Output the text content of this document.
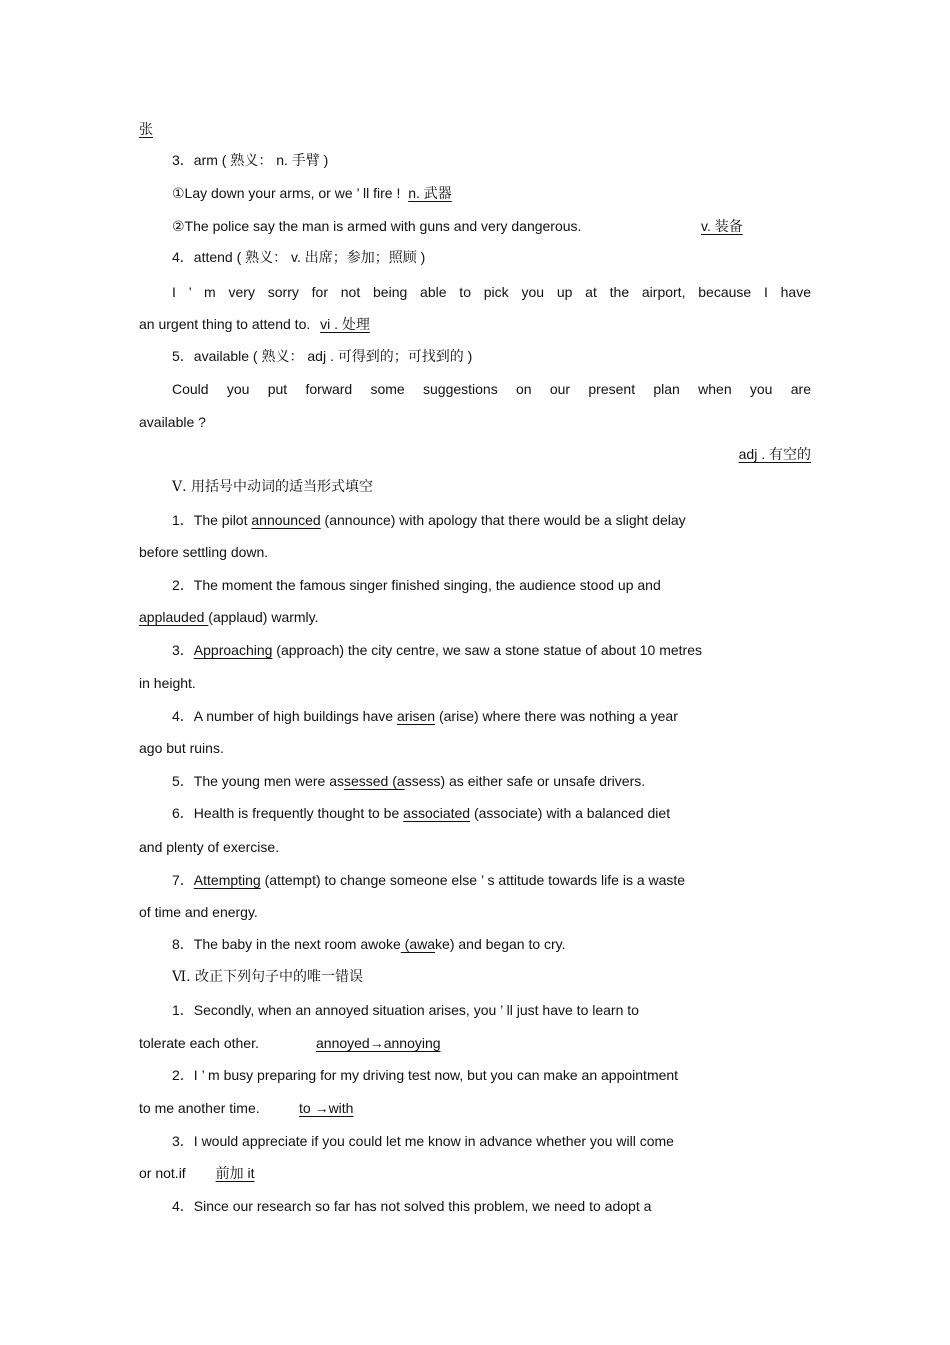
张
3．arm ( 熟义： n. 手臂 )
①Lay down your arms, or we ’ ll fire ! n. 武器
②The police say the man is armed with guns and very dangerous.	v. 装备
4．attend ( 熟义： v. 出席；参加；照顾 )
I ’ m very sorry for not being able to pick you up at the airport, because I have
an urgent thing to attend to. vi . 处理
5．available ( 熟义： adj . 可得到的；可找到的 )
Could you put forward some suggestions on our present plan when you are
available ?
adj . 有空的
Ⅴ. 用括号中动词的适当形式填空
1．The pilot announced (announce) with apology that there would be a slight delay
before settling down.
2．The moment the famous singer finished singing, the audience stood up and
applauded (applaud) warmly.
3．Approaching (approach) the city centre, we saw a stone statue of about 10 metres
in height.
4．A number of high buildings have arisen (arise) where there was nothing a year
ago but ruins.
5．The young men were assessed (assess) as either safe or unsafe drivers.
6．Health is frequently thought to be associated (associate) with a balanced diet
and plenty of exercise.
7．Attempting (attempt) to change someone else ’ s attitude towards life is a waste
of time and energy.
8．The baby in the next room awoke (awake) and began to cry.
Ⅵ. 改正下列句子中的唯一错误
1．Secondly, when an annoyed situation arises, you ’ ll just have to learn to
tolerate each other.	annoyed→annoying
2．I ’ m busy preparing for my driving test now, but you can make an appointment
to me another time.	to →with
3．I would appreciate if you could let me know in advance whether you will come
or not.if 前加 it
4．Since our research so far has not solved this problem, we need to adopt a
